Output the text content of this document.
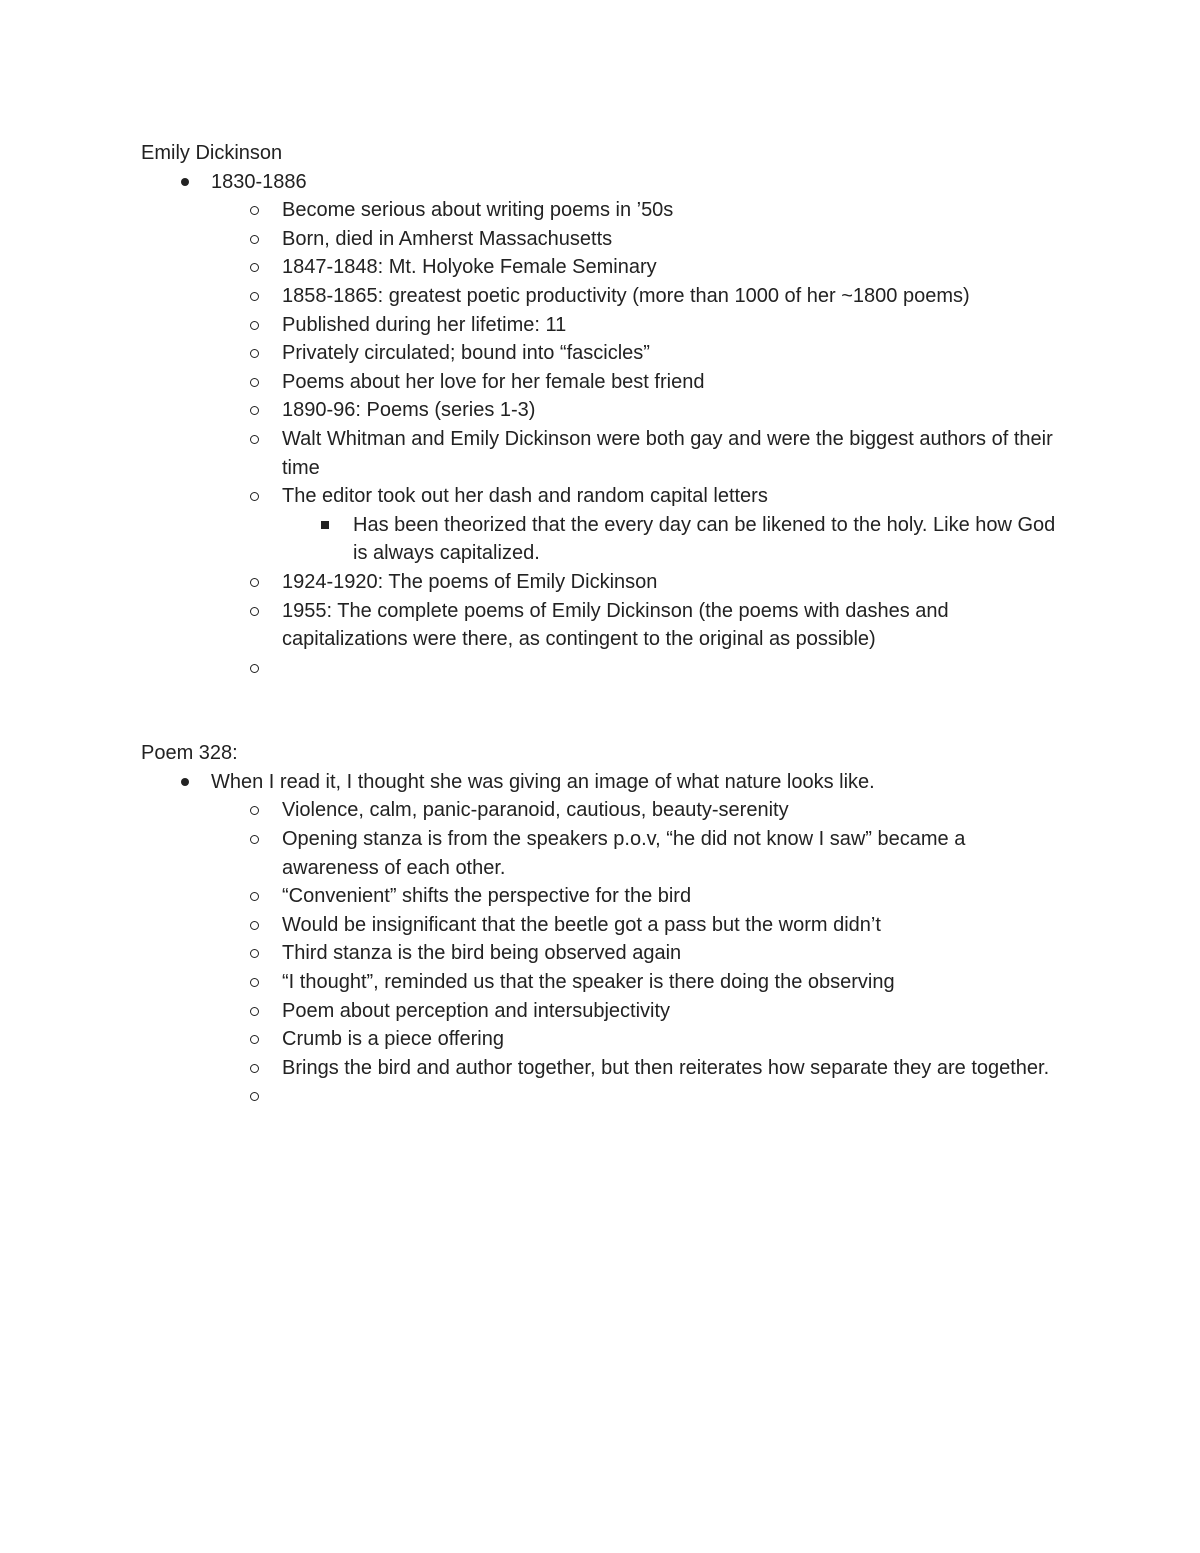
Emily Dickinson

1830-1886
Become serious about writing poems in ’50s
Born, died in Amherst Massachusetts
1847-1848: Mt. Holyoke Female Seminary
1858-1865: greatest poetic productivity (more than 1000 of her ~1800 poems)
Published during her lifetime: 11
Privately circulated; bound into “fascicles”
Poems about her love for her female best friend
1890-96: Poems (series 1-3)
Walt Whitman and Emily Dickinson were both gay and were the biggest authors of their time
The editor took out her dash and random capital letters
Has been theorized that the every day can be likened to the holy. Like how God is always capitalized.
1924-1920: The poems of Emily Dickinson
1955: The complete poems of Emily Dickinson (the poems with dashes and capitalizations were there, as contingent to the original as possible)

Poem 328:

When I read it, I thought she was giving an image of what nature looks like.
Violence, calm, panic-paranoid, cautious, beauty-serenity
Opening stanza is from the speakers p.o.v, “he did not know I saw” became a awareness of each other.
“Convenient” shifts the perspective for the bird
Would be insignificant that the beetle got a pass but the worm didn’t
Third stanza is the bird being observed again
“I thought”, reminded us that the speaker is there doing the observing
Poem about perception and intersubjectivity
Crumb is a piece offering
Brings the bird and author together, but then reiterates how separate they are together.
